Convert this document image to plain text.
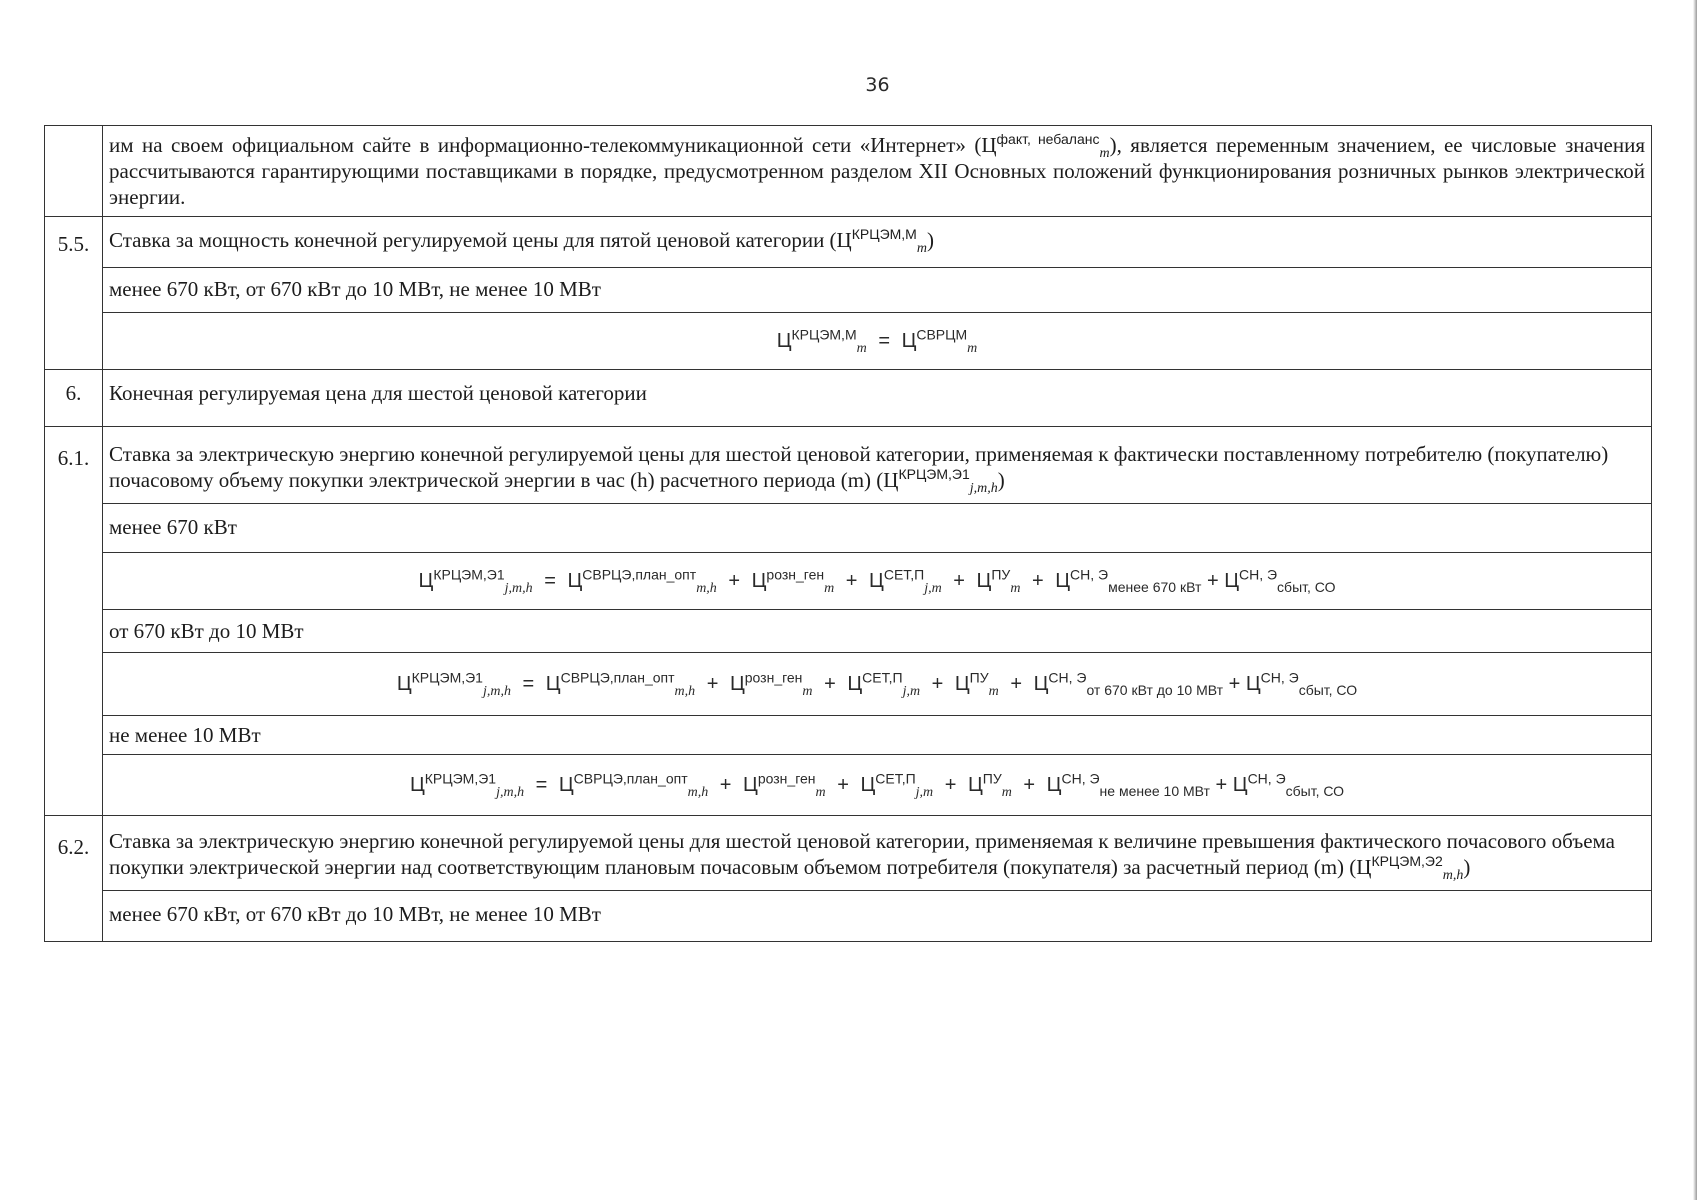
36
	им на своем официальном сайте в информационно-телекоммуникационной сети «Интернет» $(Ц^{факт, небаланс}_m)$, является переменным значением, ее числовые значения рассчитываются гарантирующими поставщиками в порядке, предусмотренном разделом XII Основных положений функционирования розничных рынков электрической энергии.
5.5.	Ставка за мощность конечной регулируемой цены для пятой ценовой категории $(Ц^{КРЦЭМ,М}_m)$
	менее 670 кВт, от 670 кВт до 10 МВт, не менее 10 МВт
	$Ц^{КРЦЭМ,М}_m = Ц^{СВРЦМ}_m$
6.	Конечная регулируемая цена для шестой ценовой категории
6.1.	Ставка за электрическую энергию конечной регулируемой цены для шестой ценовой категории, применяемая к фактически поставленному потребителю (покупателю) почасовому объему покупки электрической энергии в час (h) расчетного периода (m) $(Ц^{КРЦЭМ,Э1}_{j,m,h})$
	менее 670 кВт
	$Ц^{КРЦЭМ,Э1}_{j,m,h} = Ц^{СВРЦЭ,план\_опт}_{m,h} + Ц^{розн\_ген}_m + Ц^{СЕТ,П}_{j,m} + Ц^{ПУ}_m + Ц^{СН, Э}_{менее 670 кВт} + Ц^{СН, Э}_{сбыт, СО}$
	от 670 кВт до 10 МВт
	$Ц^{КРЦЭМ,Э1}_{j,m,h} = Ц^{СВРЦЭ,план\_опт}_{m,h} + Ц^{розн\_ген}_m + Ц^{СЕТ,П}_{j,m} + Ц^{ПУ}_m + Ц^{СН, Э}_{от 670 кВт до 10 МВт} + Ц^{СН, Э}_{сбыт, СО}$
	не менее 10 МВт
	$Ц^{КРЦЭМ,Э1}_{j,m,h} = Ц^{СВРЦЭ,план\_опт}_{m,h} + Ц^{розн\_ген}_m + Ц^{СЕТ,П}_{j,m} + Ц^{ПУ}_m + Ц^{СН, Э}_{не менее 10 МВт} + Ц^{СН, Э}_{сбыт, СО}$
6.2.	Ставка за электрическую энергию конечной регулируемой цены для шестой ценовой категории, применяемая к величине превышения фактического почасового объема покупки электрической энергии над соответствующим плановым почасовым объемом потребителя (покупателя) за расчетный период (m) $(Ц^{КРЦЭМ,Э2}_{m,h})$
	менее 670 кВт, от 670 кВт до 10 МВт, не менее 10 МВт
